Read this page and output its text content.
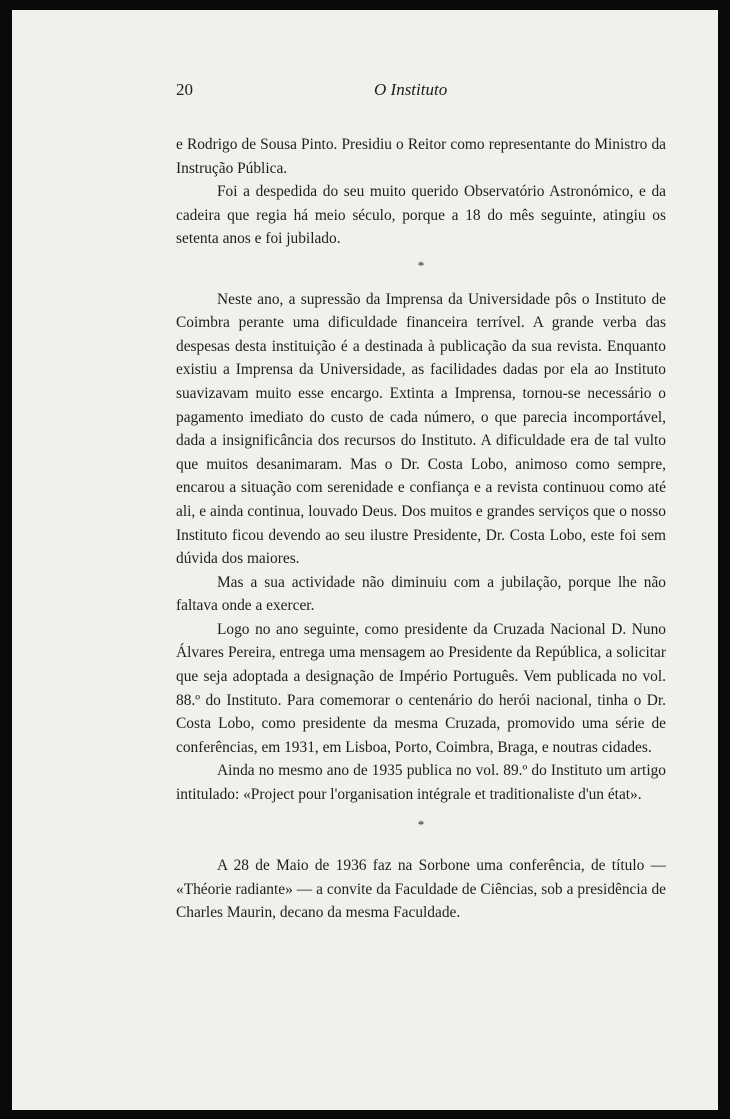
20	O Instituto

e Rodrigo de Sousa Pinto. Presidiu o Reitor como representante do Ministro da Instrução Pública.

Foi a despedida do seu muito querido Observatório Astronómico, e da cadeira que regia há meio século, porque a 18 do mês seguinte, atingiu os setenta anos e foi jubilado.

*

Neste ano, a supressão da Imprensa da Universidade pôs o Instituto de Coimbra perante uma dificuldade financeira terrível. A grande verba das despesas desta instituição é a destinada à publicação da sua revista. Enquanto existiu a Imprensa da Universidade, as facilidades dadas por ela ao Instituto suavizavam muito esse encargo. Extinta a Imprensa, tornou-se necessário o pagamento imediato do custo de cada número, o que parecia incomportável, dada a insignificância dos recursos do Instituto. A dificuldade era de tal vulto que muitos desanimaram. Mas o Dr. Costa Lobo, animoso como sempre, encarou a situação com serenidade e confiança e a revista continuou como até ali, e ainda continua, louvado Deus. Dos muitos e grandes serviços que o nosso Instituto ficou devendo ao seu ilustre Presidente, Dr. Costa Lobo, este foi sem dúvida dos maiores.

Mas a sua actividade não diminuiu com a jubilação, porque lhe não faltava onde a exercer.

Logo no ano seguinte, como presidente da Cruzada Nacional D. Nuno Álvares Pereira, entrega uma mensagem ao Presidente da República, a solicitar que seja adoptada a designação de Império Português. Vem publicada no vol. 88.º do Instituto. Para comemorar o centenário do herói nacional, tinha o Dr. Costa Lobo, como presidente da mesma Cruzada, promovido uma série de conferências, em 1931, em Lisboa, Porto, Coimbra, Braga, e noutras cidades.

Ainda no mesmo ano de 1935 publica no vol. 89.º do Instituto um artigo intitulado: «Project pour l'organisation intégrale et traditionaliste d'un état».

*

A 28 de Maio de 1936 faz na Sorbone uma conferência, de título — «Théorie radiante» — a convite da Faculdade de Ciências, sob a presidência de Charles Maurin, decano da mesma Faculdade.
